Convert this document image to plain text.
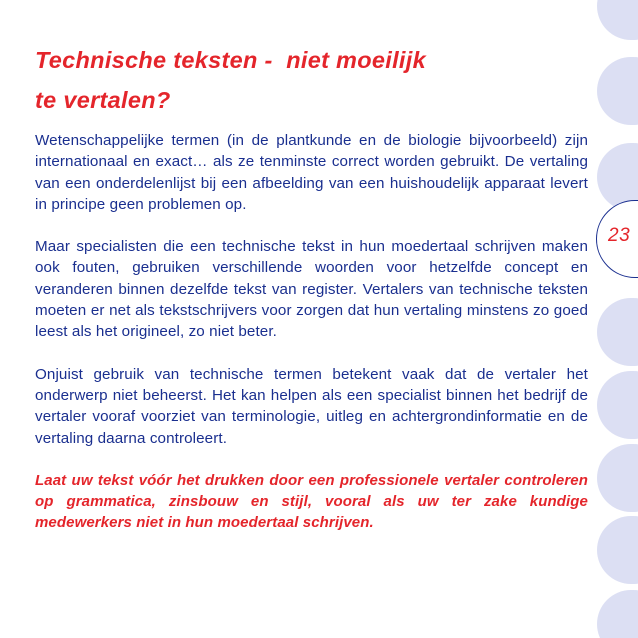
23
Technische teksten -  niet moeilijk
te vertalen?

Wetenschappelijke termen (in de plantkunde en de biologie bijvoorbeeld) zijn internationaal en exact… als ze tenminste correct worden gebruikt. De vertaling van een onderdelenlijst bij een afbeelding van een huishoudelijk apparaat levert in principe geen problemen op.

Maar specialisten die een technische tekst in hun moedertaal schrijven maken ook fouten, gebruiken verschillende woorden voor hetzelfde concept en veranderen binnen dezelfde tekst van register. Vertalers van technische teksten moeten er net als tekstschrijvers voor zorgen dat hun vertaling minstens zo goed leest als het origineel, zo niet beter.

Onjuist gebruik van technische termen betekent vaak dat de vertaler het onderwerp niet beheerst. Het kan helpen als een specialist binnen het bedrijf de vertaler vooraf voorziet van terminologie, uitleg en achtergrondinformatie en de vertaling daarna controleert.

Laat uw tekst vóór het drukken door een professionele vertaler controleren op grammatica, zinsbouw en stijl, vooral als uw ter zake kundige medewerkers niet in hun moedertaal schrijven.
